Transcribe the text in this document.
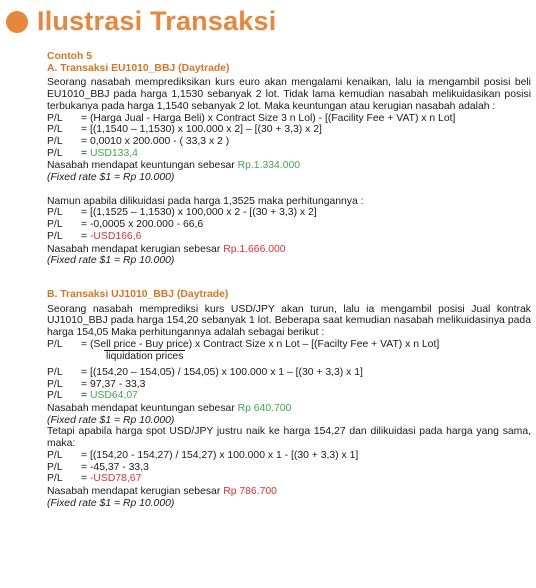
Ilustrasi Transaksi

Contoh 5

A. Transaksi EU1010_BBJ (Daytrade)

Seorang nasabah memprediksikan kurs euro akan mengalami kenaikan, lalu ia mengambil posisi beli EU1010_BBJ pada harga 1,1530 sebanyak 2 lot. Tidak lama kemudian nasabah melikuidasikan posisi terbukanya pada harga 1,1540 sebanyak 2 lot. Maka keuntungan atau kerugian nasabah adalah :

P/L	= (Harga Jual - Harga Beli) x Contract Size 3 n Lol) - [(Facility Fee + VAT) x n Lot]
P/L	= [(1,1540 – 1,1530) x 100.000 x 2] – [(30 + 3,3) x 2]
P/L	= 0,0010 x 200.000 - ( 33,3 x 2 )
P/L	= USD133,4

Nasabah mendapat keuntungan sebesar Rp.1.334.000

(Fixed rate $1 = Rp 10.000)

Namun apabila dilikuidasi pada harga 1,3525 maka perhitungannya :

P/L	= [(1,1525 – 1,1530) x 100,000 x 2 - [(30 + 3,3) x 2]
P/L	= -0,0005 x 200.000 - 66,6
P/L	= -USD166,6

Nasabah mendapat kerugian sebesar Rp.1.666.000

(Fixed rate $1 = Rp 10.000)

B. Transaksi UJ1010_BBJ (Daytrade)

Seorang nasabah memprediksi kurs USD/JPY akan turun, lalu ia mengambil posisi Jual kontrak UJ1010_BBJ pada harga 154,20 sebanyak 1 lot. Beberapa saat kemudian nasabah melikuidasinya pada harga 154,05 Maka perhitungannya adalah sebagai berikut :

P/L	= (Sell price - Buy price) x Contract Size x n Lot – [(Facilty Fee + VAT) x n Lot]

liquidation prices

P/L	= [(154,20 – 154,05) / 154,05) x 100.000 x 1 – [(30 + 3,3) x 1]
P/L	= 97,37 - 33,3
P/L	= USD64,07

Nasabah mendapat keuntungan sebesar Rp 640.700

(Fixed rate $1 = Rp 10.000)

Tetapi apabila harga spot USD/JPY justru naik ke harga 154,27 dan dilikuidasi pada harga yang sama, maka:

P/L	= [(154,20 - 154,27) / 154,27) x 100.000 x 1 - [(30 + 3,3) x 1]
P/L	= -45,37 - 33,3
P/L	= -USD78,67

Nasabah mendapat kerugian sebesar Rp 786.700

(Fixed rate $1 = Rp 10.000)
